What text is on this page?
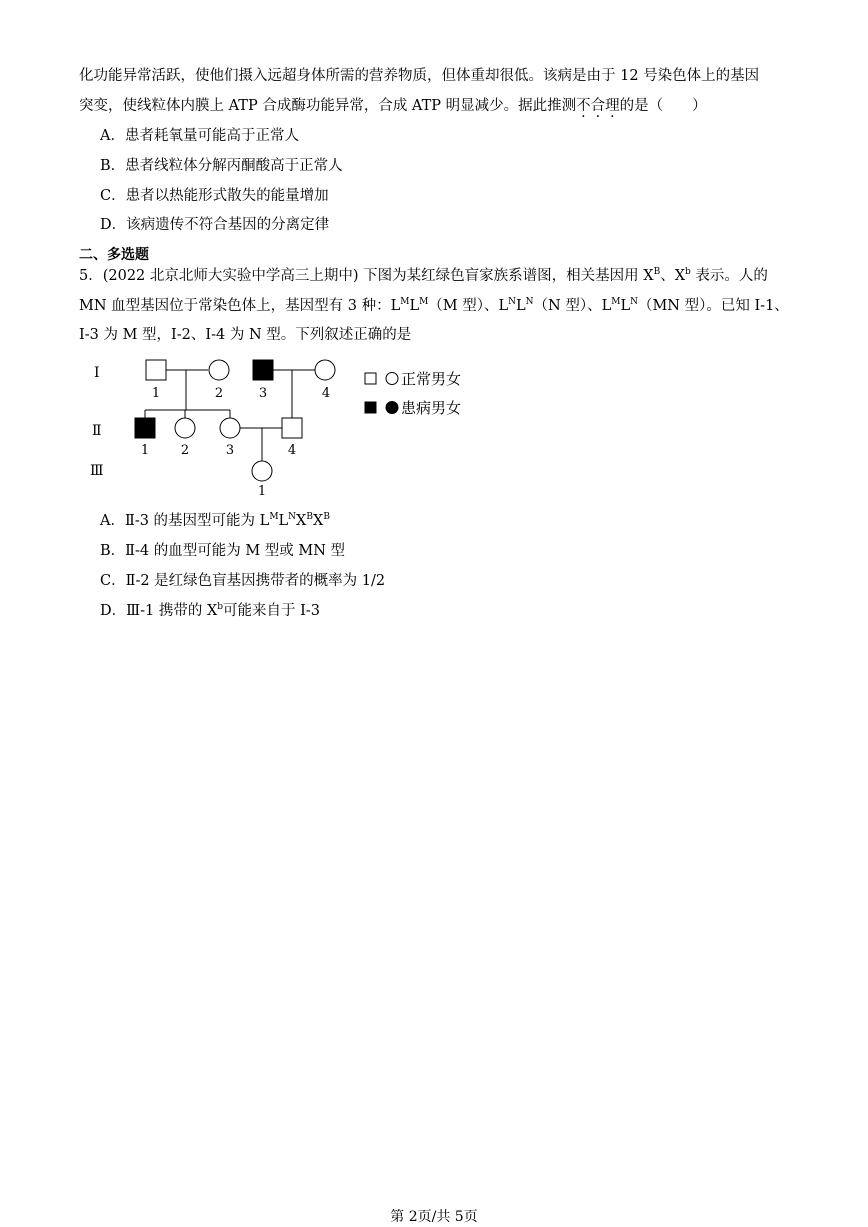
化功能异常活跃，使他们摄入远超身体所需的营养物质，但体重却很低。该病是由于 12 号染色体上的基因
突变，使线粒体内膜上 ATP 合成酶功能异常，合成 ATP 明显减少。据此推测不合理的是（　　）
A．患者耗氧量可能高于正常人
B．患者线粒体分解丙酮酸高于正常人
C．患者以热能形式散失的能量增加
D．该病遗传不符合基因的分离定律
二、多选题
5．(2022 北京北师大实验中学高三上期中) 下图为某红绿色盲家族系谱图，相关基因用 $X^B$、$X^b$ 表示。人的
MN 血型基因位于常染色体上，基因型有 3 种：$L^ML^M(M$ 型）、$L^NL^N(N$ 型）、$L^ML^N(MN$ 型）。已知 I-1、
I-3 为 M 型，I-2、I-4 为 N 型。下列叙述正确的是
Ⅰ
Ⅱ
Ⅲ
1	2	3	4
1 2	3	4
1
正常男女
患病男女
A．Ⅱ-3 的基因型可能为 $L^ML^NX^BX^B$
B．Ⅱ-4 的血型可能为 M 型或 MN 型
C．Ⅱ-2 是红绿色盲基因携带者的概率为 1/2
D．Ⅲ-1 携带的 $X^b$可能来自于 I-3
第 2页/共 5页
